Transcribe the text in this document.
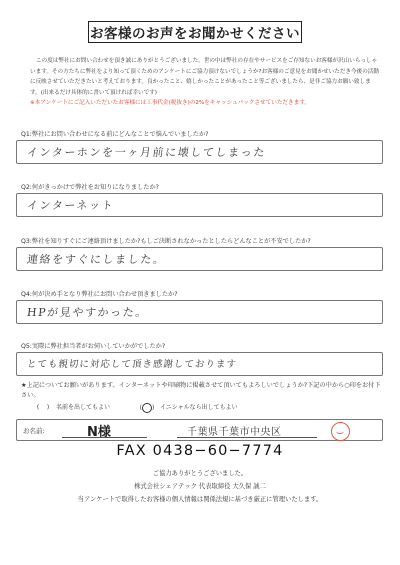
お客様のお声をお聞かせください

この度は弊社にお問い合わせを頂き誠にありがとうございました。世の中は弊社の存在やサービスをご存知ないお客様が沢山いらっしゃいます。その方たちに弊社をより知って頂くためのアンケートにご協力頂けないでしょうか?お客様のご意見をお聞かせいただき今後の活動に反映させていただきたいと考えております。良かったこと、嬉しかったことがあったこと等ございましたら、是非ご協力お願い致します。(出来るだけ具体的に書いて頂ければ幸いです)

※本アンケートにご記入いただいたお客様には工事代金(税抜き)の2%をキャッシュバックさせていただきます。

Q1:弊社にお問い合わせになる前にどんなことで悩んでいましたか?
インターホンを一ヶ月前に壊してしまった
Q2:何がきっかけで弊社をお知りになりましたか?
インターネット
Q3:弊社を知りすぐにご連絡頂けましたか?もしご決断されなかったとしたらどんなことが不安でしたか?
連絡をすぐにしました。
Q4:何が決め手となり弊社にお問い合わせ頂きましたか?
HPが見やすかった。
Q5:実際に弊社担当者がお伺いしていかがでしたか?
とても親切に対応して頂き感謝しております
★上記についてお願いがあります。インターネットや印刷物に掲載させて頂いてもよろしいでしょうか?下記の中から○印をお付下さい。
(    ) 名前を出してもよい	( ) イニシャルなら出してもよい
お名前:	N様	千葉県千葉市中央区
FAX 0438−60−7774
ご協力ありがとうございました。
株式会社シェアテック 代表取締役 大久保 誠二
当アンケートで取得したお客様の個人情報は関係法規に基づき厳正に管理いたします。
